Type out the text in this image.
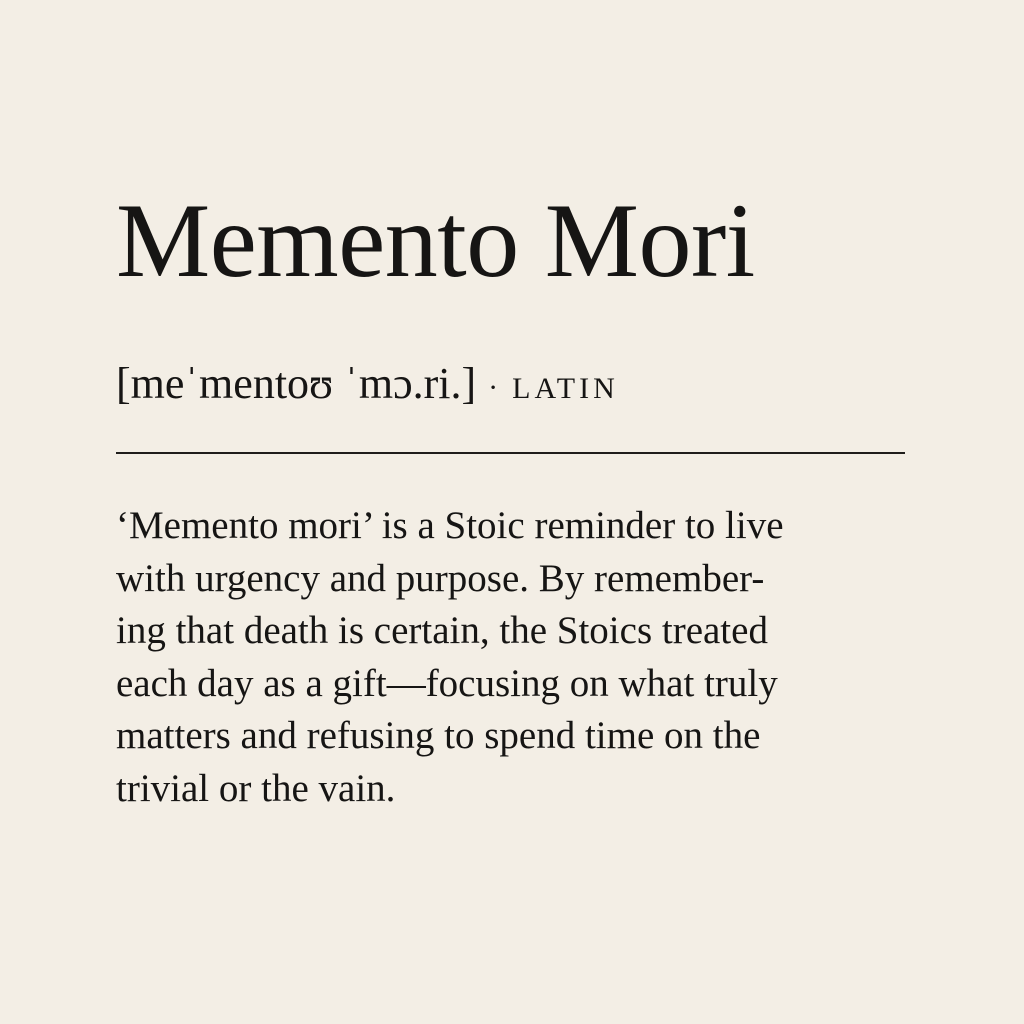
Memento Mori
[meˈmentoʊ ˈmɔ.ri.] · LATIN

‘Memento mori’ is a Stoic reminder to live
with urgency and purpose. By remember-
ing that death is certain, the Stoics treated
each day as a gift—focusing on what truly
matters and refusing to spend time on the
trivial or the vain.
